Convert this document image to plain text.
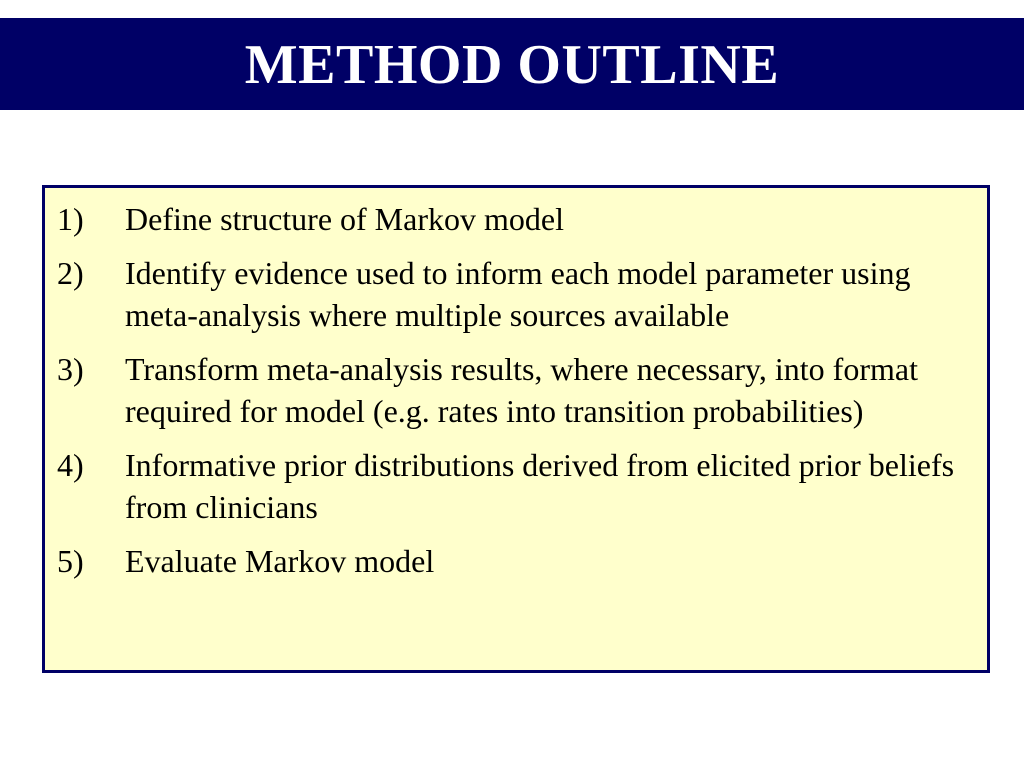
METHOD OUTLINE
1)	Define structure of Markov model
2)	Identify evidence used to inform each model parameter using meta-analysis where multiple sources available
3)	Transform meta-analysis results, where necessary, into format required for model (e.g. rates into transition probabilities)
4)	Informative prior distributions derived from elicited prior beliefs from clinicians
5)	Evaluate Markov model
